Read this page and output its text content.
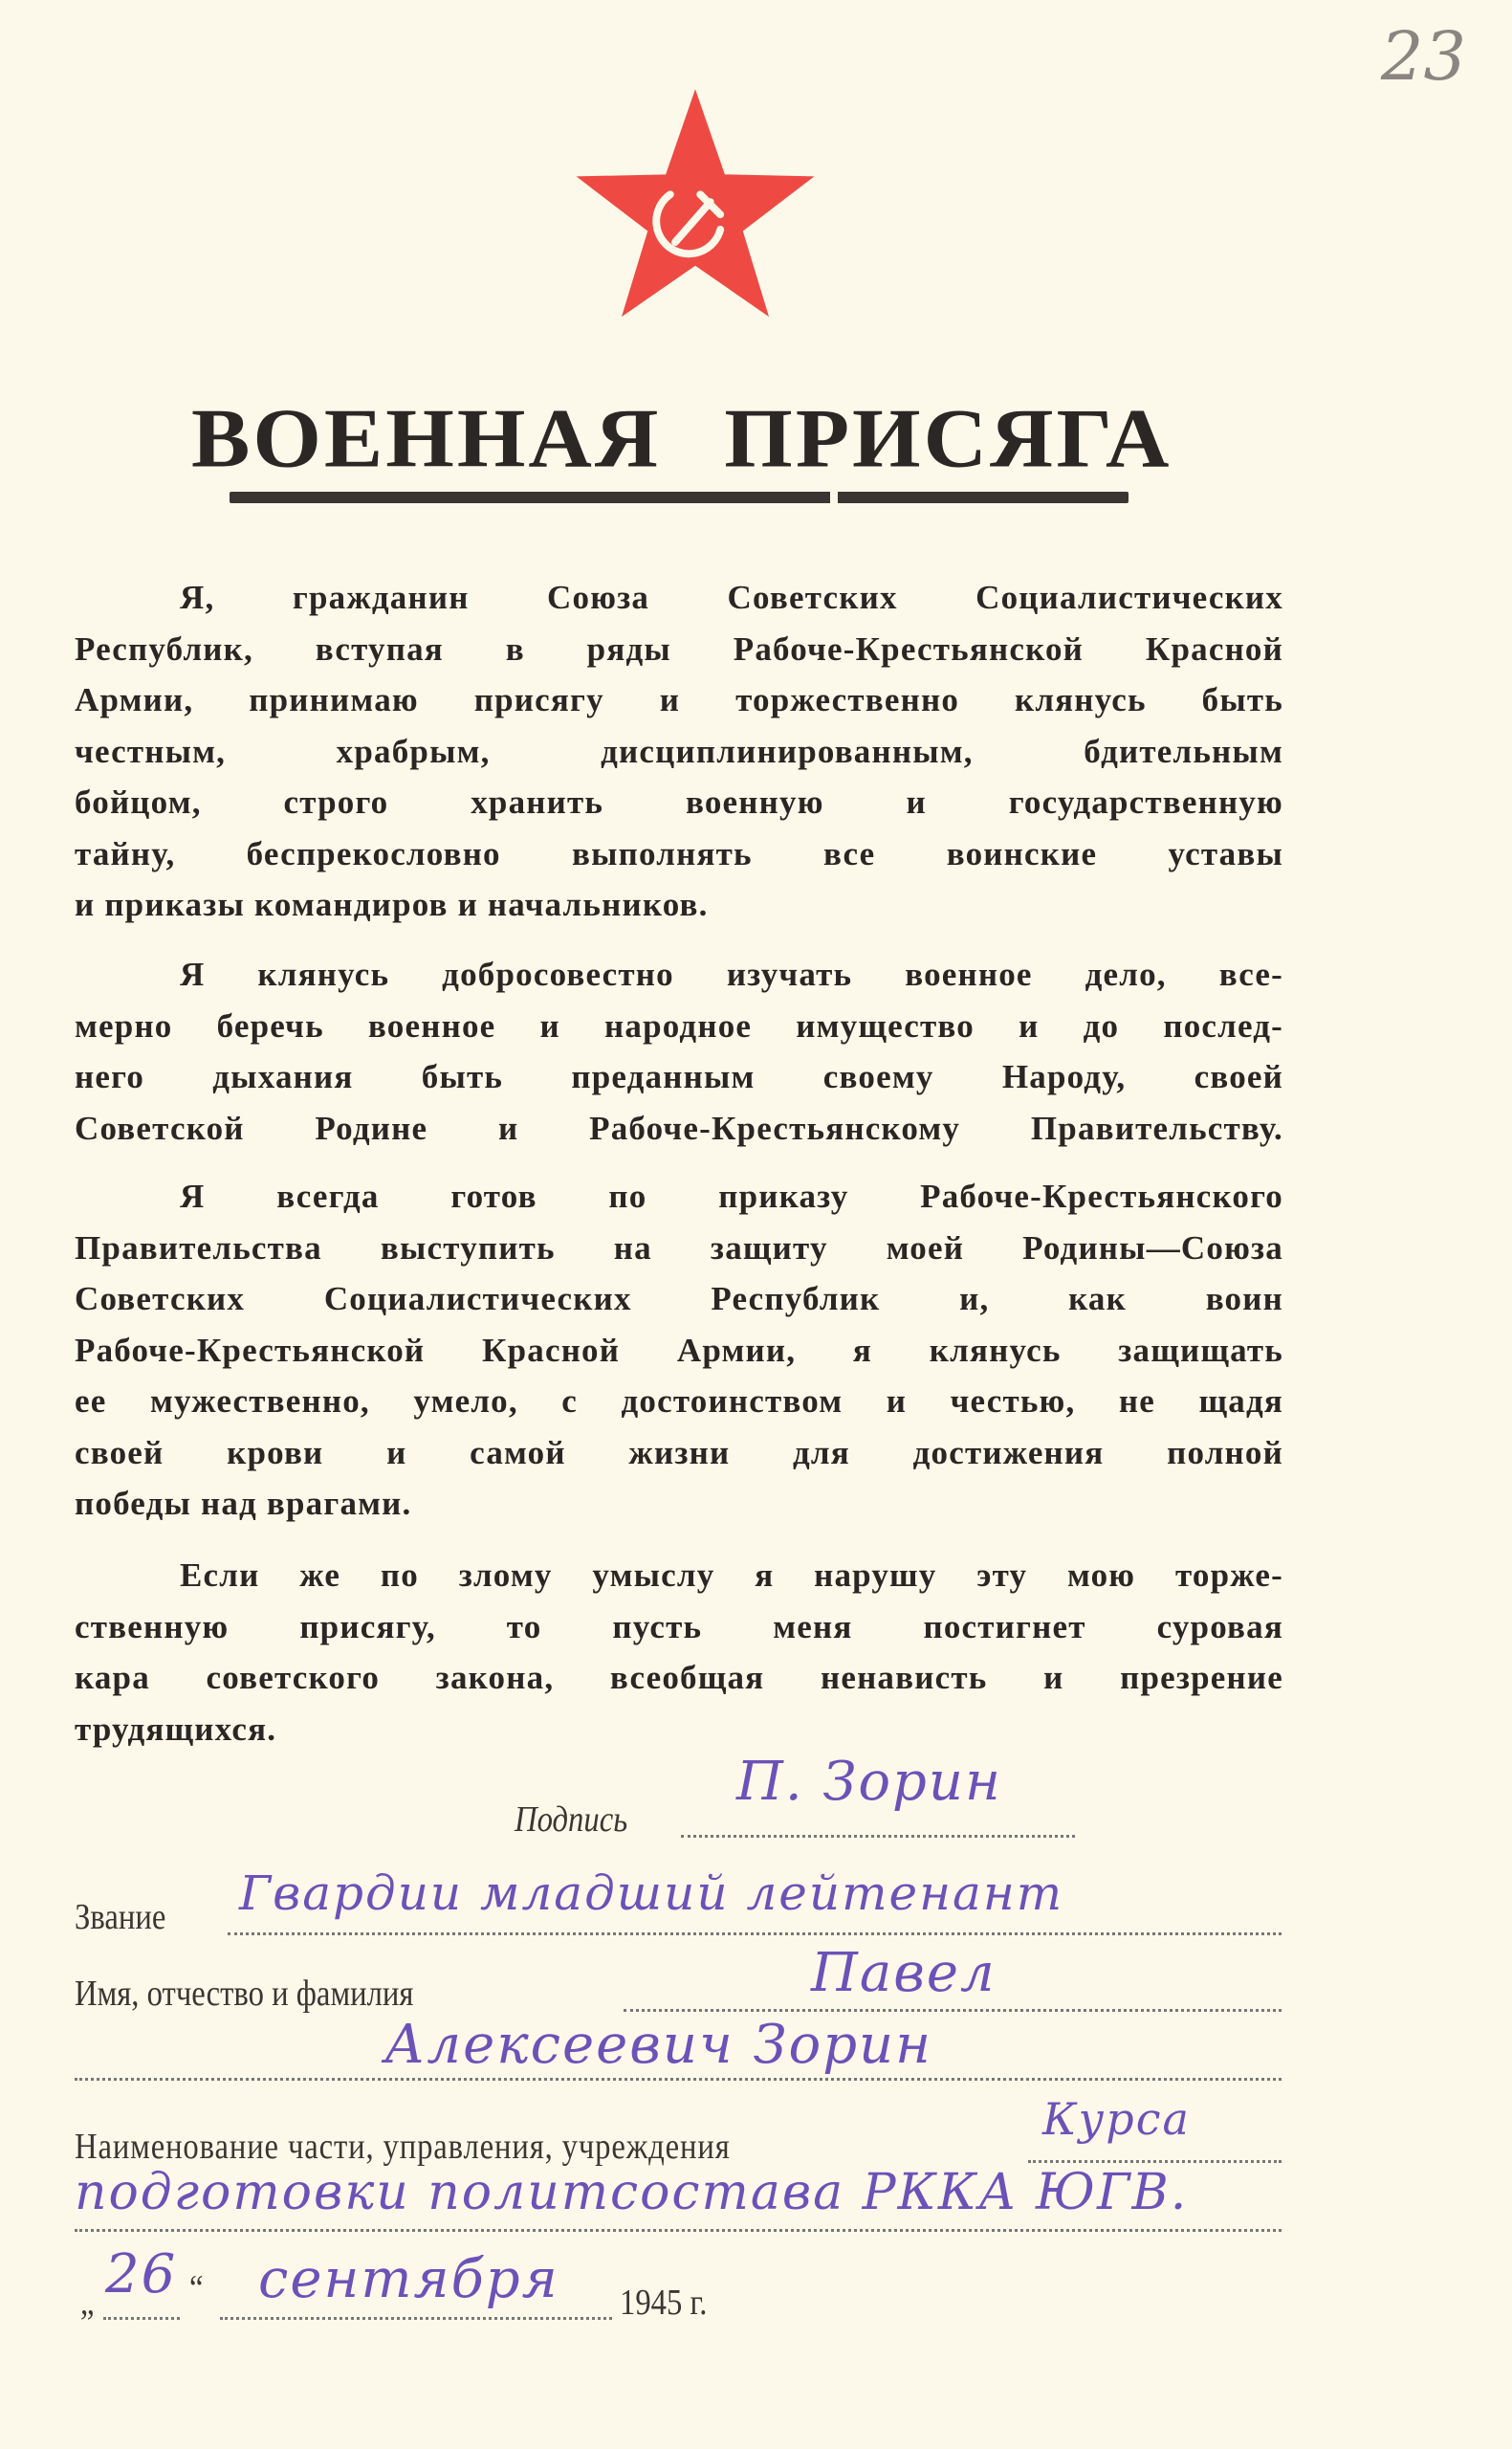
23
ВОЕННАЯ ПРИСЯГА
Я, гражданин Союза Советских Социалистических
Республик, вступая в ряды Рабоче-Крестьянской Красной
Армии, принимаю присягу и торжественно клянусь быть
честным, храбрым, дисциплинированным, бдительным
бойцом, строго хранить военную и государственную
тайну, беспрекословно выполнять все воинские уставы
и приказы командиров и начальников.
Я клянусь добросовестно изучать военное дело, все-
мерно беречь военное и народное имущество и до послед-
него дыхания быть преданным своему Народу, своей
Советской Родине и Рабоче-Крестьянскому Правительству.
Я всегда готов по приказу Рабоче-Крестьянского
Правительства выступить на защиту моей Родины—Союза
Советских Социалистических Республик и, как воин
Рабоче-Крестьянской Красной Армии, я клянусь защищать
ее мужественно, умело, с достоинством и честью, не щадя
своей крови и самой жизни для достижения полной
победы над врагами.
Если же по злому умыслу я нарушу эту мою торже-
ственную присягу, то пусть меня постигнет суровая
кара советского закона, всеобщая ненависть и презрение
трудящихся.
Подпись
П. Зорин
Звание Гвардии младший лейтенант
Имя, отчество и фамилия	Павел
Алексеевич Зорин
Наименование части, управления, учреждения
Курса
подготовки политсостава РККА ЮГВ.
„ 26 “ сентября 1945 г.
